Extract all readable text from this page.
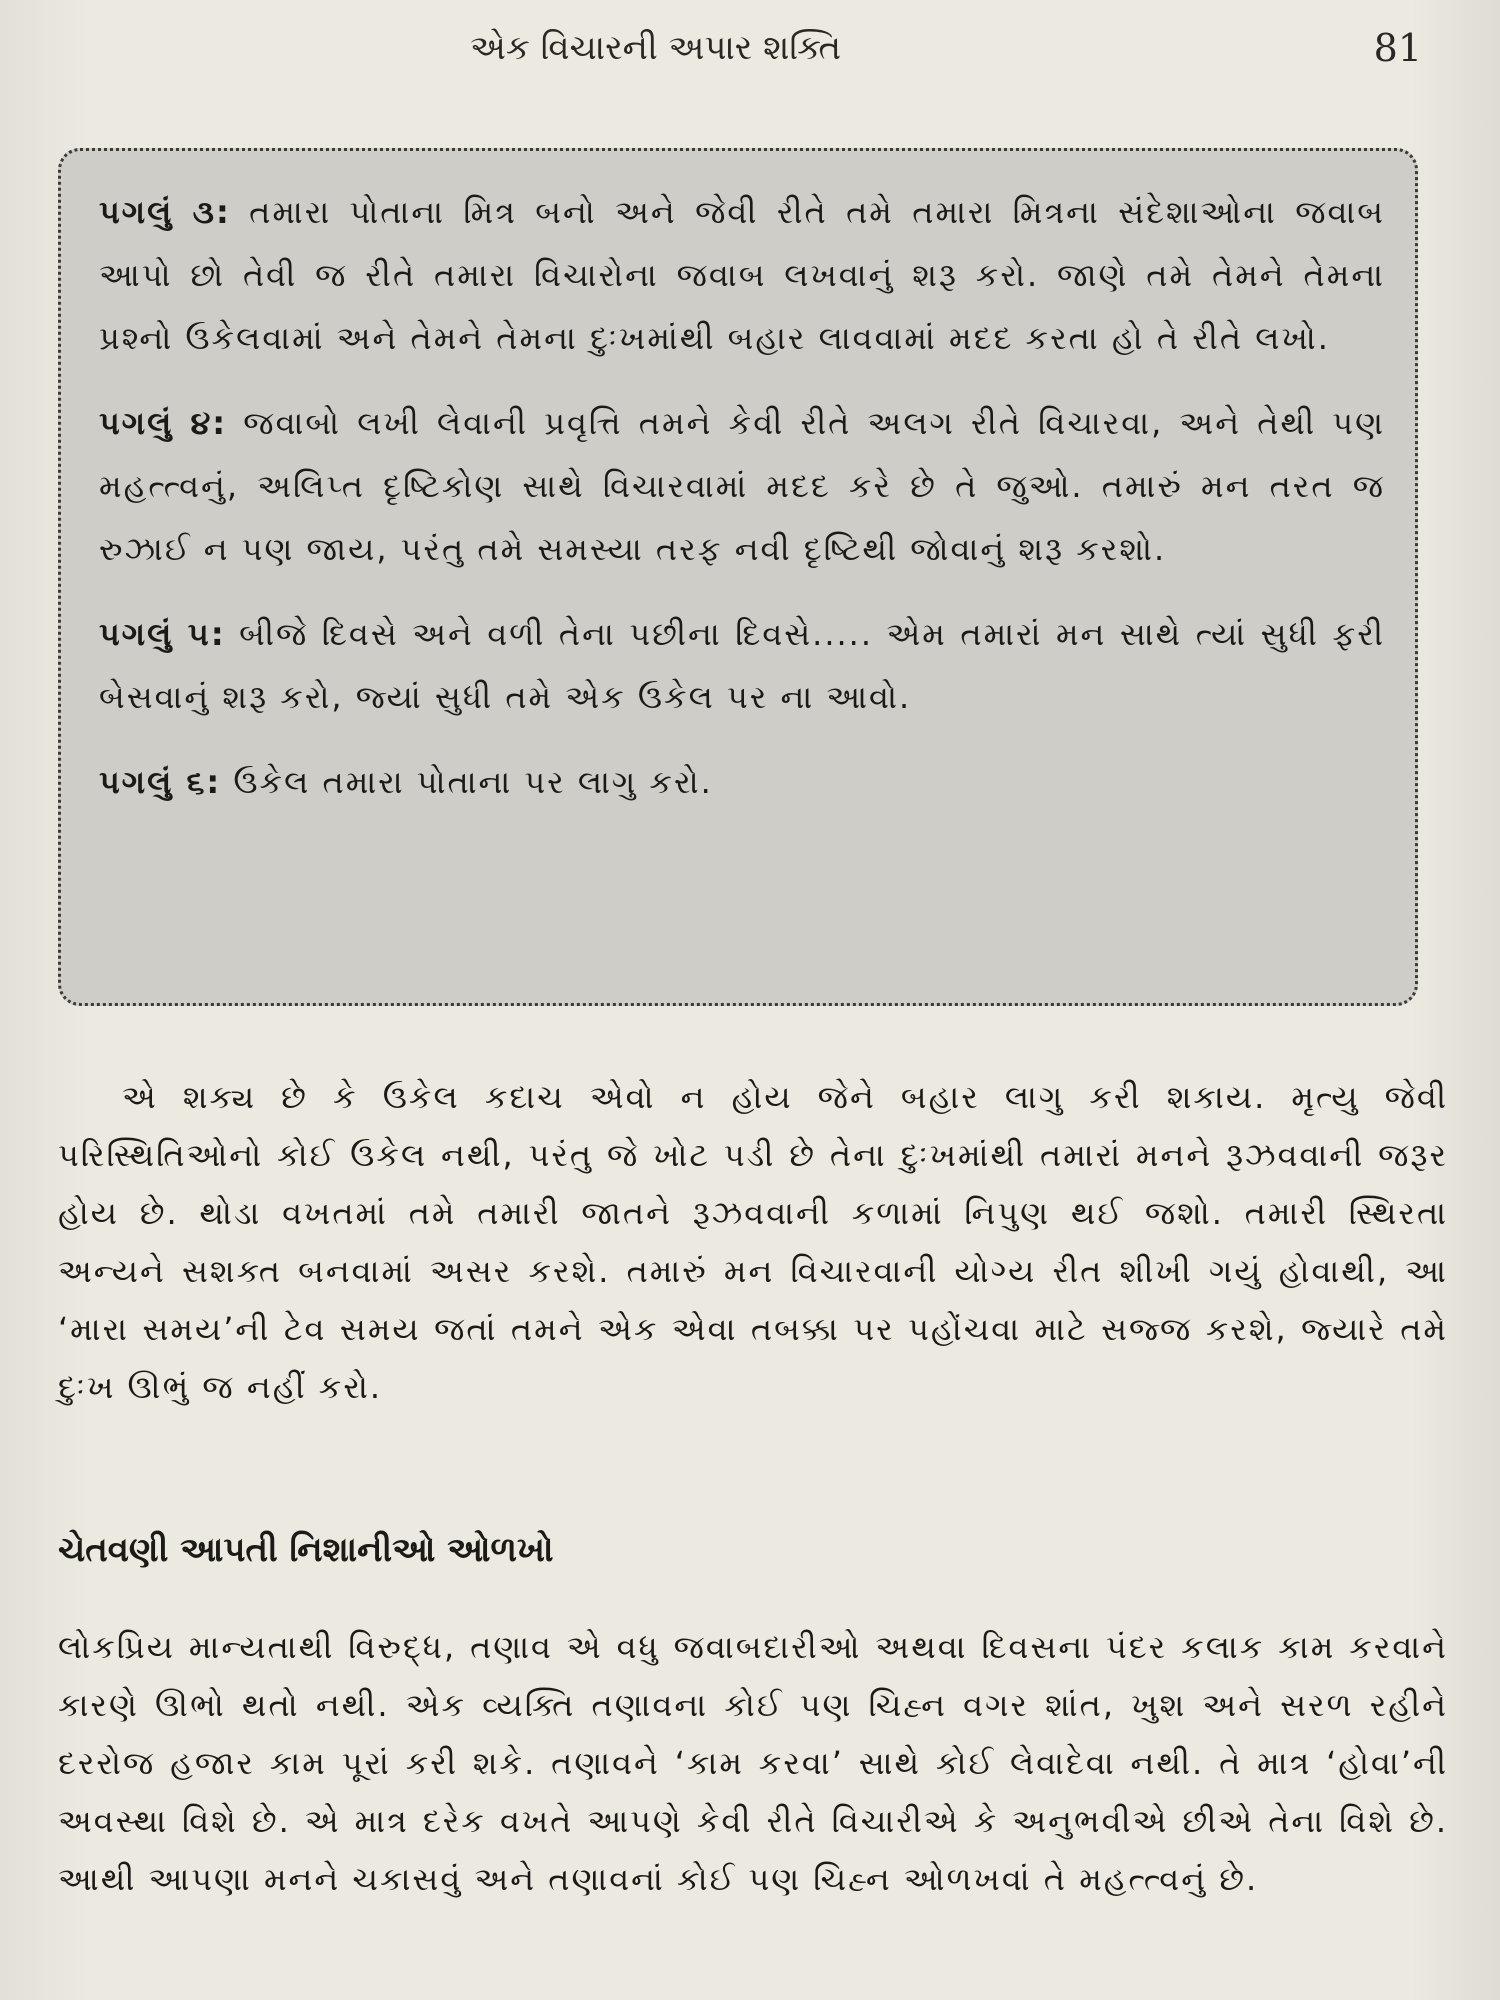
એક વિચારની અપાર શક્તિ	81

પગલું ૩: તમારા પોતાના મિત્ર બનો અને જેવી રીતે તમે તમારા મિત્રના સંદેશાઓના જવાબ આપો છો તેવી જ રીતે તમારા વિચારોના જવાબ લખવાનું શરૂ કરો. જાણે તમે તેમને તેમના પ્રશ્નો ઉકેલવામાં અને તેમને તેમના દુઃખમાંથી બહાર લાવવામાં મદદ કરતા હો તે રીતે લખો.

પગલું ૪: જવાબો લખી લેવાની પ્રવૃત્તિ તમને કેવી રીતે અલગ રીતે વિચારવા, અને તેથી પણ મહત્ત્વનું, અલિપ્ત દૃષ્ટિકોણ સાથે વિચારવામાં મદદ કરે છે તે જુઓ. તમારું મન તરત જ રુઝાઈ ન પણ જાય, પરંતુ તમે સમસ્યા તરફ નવી દૃષ્ટિથી જોવાનું શરૂ કરશો.

પગલું ૫: બીજે દિવસે અને વળી તેના પછીના દિવસે..... એમ તમારાં મન સાથે ત્યાં સુધી ફરી બેસવાનું શરૂ કરો, જ્યાં સુધી તમે એક ઉકેલ પર ના આવો.

પગલું ૬: ઉકેલ તમારા પોતાના પર લાગુ કરો.

એ શક્ય છે કે ઉકેલ કદાચ એવો ન હોય જેને બહાર લાગુ કરી શકાય. મૃત્યુ જેવી પરિસ્થિતિઓનો કોઈ ઉકેલ નથી, પરંતુ જે ખોટ પડી છે તેના દુઃખમાંથી તમારાં મનને રૂઝવવાની જરૂર હોય છે. થોડા વખતમાં તમે તમારી જાતને રૂઝવવાની કળામાં નિપુણ થઈ જશો. તમારી સ્થિરતા અન્યને સશક્ત બનવામાં અસર કરશે. તમારું મન વિચારવાની યોગ્ય રીત શીખી ગયું હોવાથી, આ ‘મારા સમય’ની ટેવ સમય જતાં તમને એક એવા તબક્કા પર પહોંચવા માટે સજ્જ કરશે, જ્યારે તમે દુઃખ ઊભું જ નહીં કરો.

ચેતવણી આપતી નિશાનીઓ ઓળખો

લોકપ્રિય માન્યતાથી વિરુદ્ધ, તણાવ એ વધુ જવાબદારીઓ અથવા દિવસના પંદર કલાક કામ કરવાને કારણે ઊભો થતો નથી. એક વ્યક્તિ તણાવના કોઈ પણ ચિહ્ન વગર શાંત, ખુશ અને સરળ રહીને દરરોજ હજાર કામ પૂરાં કરી શકે. તણાવને ‘કામ કરવા’ સાથે કોઈ લેવાદેવા નથી. તે માત્ર ‘હોવા’ની અવસ્થા વિશે છે. એ માત્ર દરેક વખતે આપણે કેવી રીતે વિચારીએ કે અનુભવીએ છીએ તેના વિશે છે. આથી આપણા મનને ચકાસવું અને તણાવનાં કોઈ પણ ચિહ્ન ઓળખવાં તે મહત્ત્વનું છે.
